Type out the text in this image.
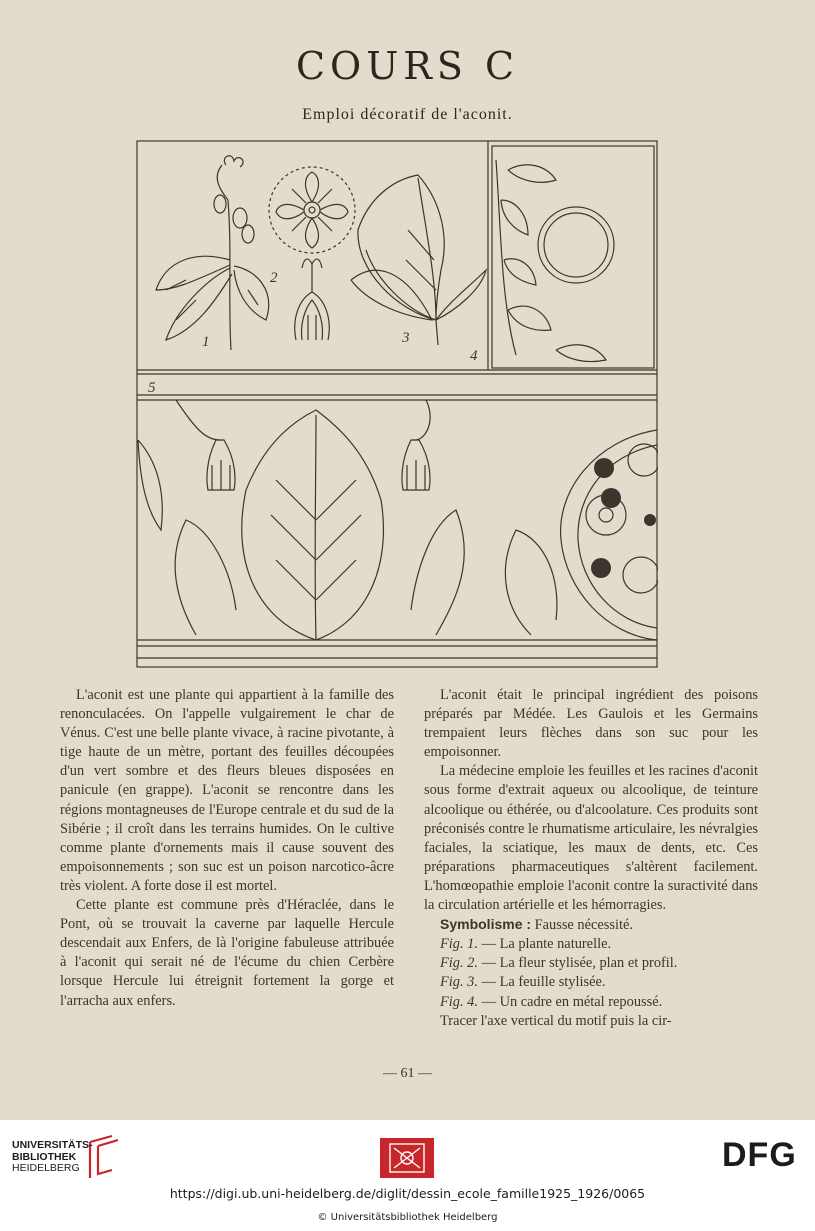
COURS C
Emploi décoratif de l'aconit.
1
2
3
4
5

L'aconit est une plante qui appartient à la famille des renonculacées. On l'appelle vulgairement le char de Vénus. C'est une belle plante vivace, à racine pivotante, à tige haute de un mètre, portant des feuilles découpées d'un vert sombre et des fleurs bleues disposées en panicule (en grappe). L'aconit se rencontre dans les régions montagneuses de l'Europe centrale et du sud de la Sibérie ; il croît dans les terrains humides. On le cultive comme plante d'ornements mais il cause souvent des empoisonnements ; son suc est un poison narcotico-âcre très violent. A forte dose il est mortel.

Cette plante est commune près d'Héraclée, dans le Pont, où se trouvait la caverne par laquelle Hercule descendait aux Enfers, de là l'origine fabuleuse attribuée à l'aconit qui serait né de l'écume du chien Cerbère lorsque Hercule lui étreignit fortement la gorge et l'arracha aux enfers.

L'aconit était le principal ingrédient des poisons préparés par Médée. Les Gaulois et les Germains trempaient leurs flèches dans son suc pour les empoisonner.

La médecine emploie les feuilles et les racines d'aconit sous forme d'extrait aqueux ou alcoolique, de teinture alcoolique ou éthérée, ou d'alcoolature. Ces produits sont préconisés contre le rhumatisme articulaire, les névralgies faciales, la sciatique, les maux de dents, etc. Ces préparations pharmaceutiques s'altèrent facilement. L'homœopathie emploie l'aconit contre la suractivité dans la circulation artérielle et les hémorragies.

Symbolisme : Fausse nécessité.

Fig. 1. — La plante naturelle.

Fig. 2. — La fleur stylisée, plan et profil.

Fig. 3. — La feuille stylisée.

Fig. 4. — Un cadre en métal repoussé.

Tracer l'axe vertical du motif puis la cir-

— 61 —
UNIVERSITÄTS-
BIBLIOTHEK
HEIDELBERG	DFG
https://digi.ub.uni-heidelberg.de/diglit/dessin_ecole_famille1925_1926/0065
© Universitätsbibliothek Heidelberg
